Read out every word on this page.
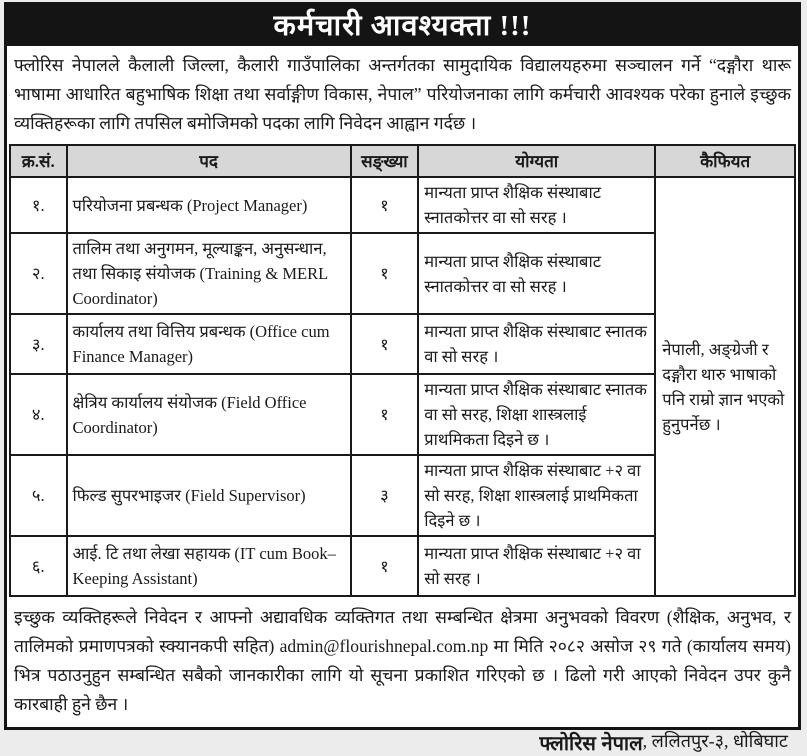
कर्मचारी आवश्यक्ता !!!
फ्लोरिस नेपालले कैलाली जिल्ला, कैलारी गाउँपालिका अन्तर्गतका सामुदायिक विद्यालयहरुमा सञ्चालन गर्ने “दङ्गौरा थारू भाषामा आधारित बहुभाषिक शिक्षा तथा सर्वाङ्गीण विकास, नेपाल” परियोजनाका लागि कर्मचारी आवश्यक परेका हुनाले इच्छुक व्यक्तिहरूका लागि तपसिल बमोजिमको पदका लागि निवेदन आह्वान गर्दछ ।
क्र.सं.	पद	सङ्ख्या	योग्यता	कैफियत
१.	परियोजना प्रबन्धक (Project Manager)	१	मान्यता प्राप्त शैक्षिक संस्थाबाट स्नातकोत्तर वा सो सरह ।	नेपाली, अङ्ग्रेजी र दङ्गौरा थारु भाषाको पनि राम्रो ज्ञान भएको हुनुपर्नेछ ।
२.	तालिम तथा अनुगमन, मूल्याङ्कन, अनुसन्धान, तथा सिकाइ संयोजक (Training & MERL Coordinator)	१	मान्यता प्राप्त शैक्षिक संस्थाबाट स्नातकोत्तर वा सो सरह ।	
३.	कार्यालय तथा वित्तिय प्रबन्धक (Office cum Finance Manager)	१	मान्यता प्राप्त शैक्षिक संस्थाबाट स्नातक वा सो सरह ।	
४.	क्षेत्रिय कार्यालय संयोजक (Field Office Coordinator)	१	मान्यता प्राप्त शैक्षिक संस्थाबाट स्नातक वा सो सरह, शिक्षा शास्त्रलाई प्राथमिकता दिइने छ ।	
५.	फिल्ड सुपरभाइजर (Field Supervisor)	३	मान्यता प्राप्त शैक्षिक संस्थाबाट +२ वा सो सरह, शिक्षा शास्त्रलाई प्राथमिकता दिइने छ ।	
६.	आई. टि तथा लेखा सहायक (IT cum Book–Keeping Assistant)	१	मान्यता प्राप्त शैक्षिक संस्थाबाट +२ वा सो सरह ।	
इच्छुक व्यक्तिहरूले निवेदन र आफ्नो अद्यावधिक व्यक्तिगत तथा सम्बन्धित क्षेत्रमा अनुभवको विवरण (शैक्षिक, अनुभव, र तालिमको प्रमाणपत्रको स्क्यानकपी सहित) admin@flourishnepal.com.np मा मिति २०८२ असोज २९ गते (कार्यालय समय) भित्र पठाउनुहुन सम्बन्धित सबैको जानकारीका लागि यो सूचना प्रकाशित गरिएको छ । ढिलो गरी आएको निवेदन उपर कुनै कारबाही हुने छैन ।
फ्लोरिस नेपाल , ललितपुर-३, धोबिघाट
